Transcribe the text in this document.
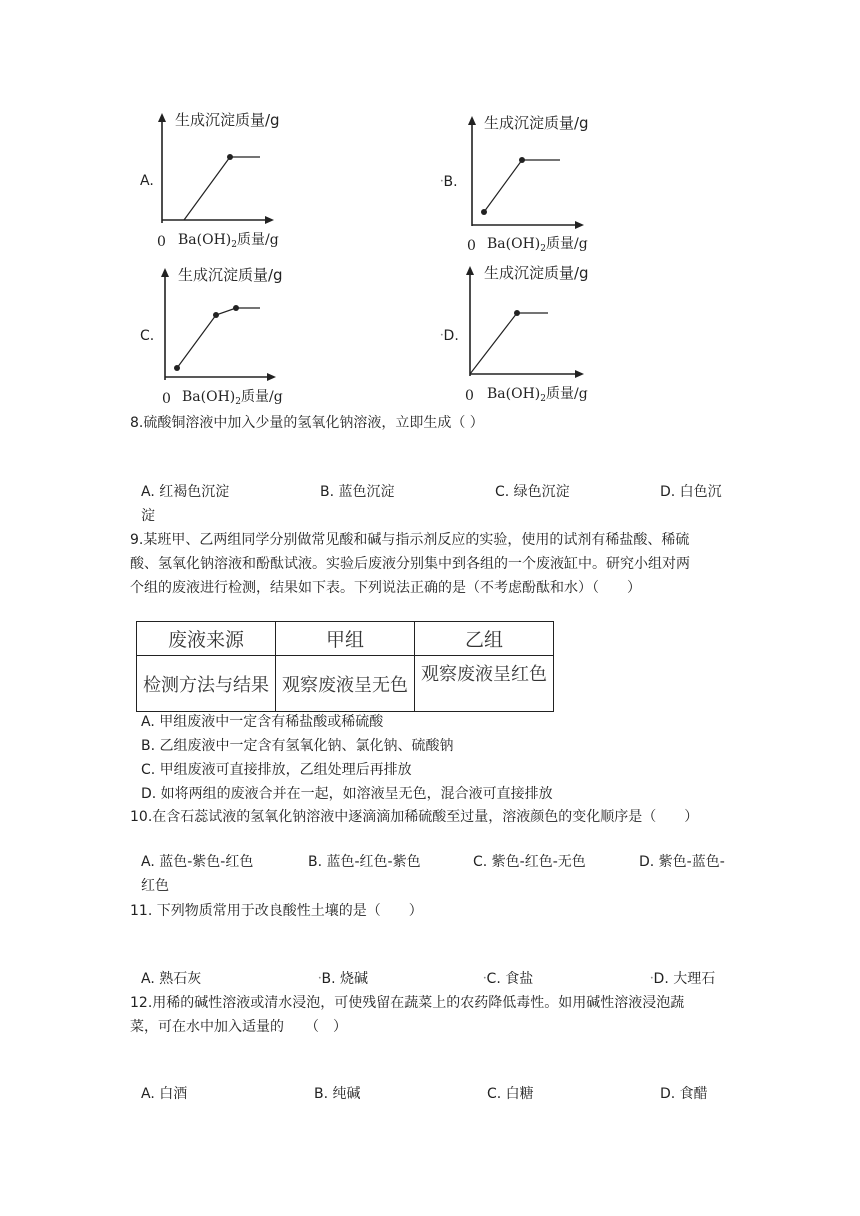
A.
生成沉淀质量/g
0 $Ba(OH)_2$质量/g
•B.
生成沉淀质量/g
0 $Ba(OH)_2$质量/g
C.
生成沉淀质量/g
0 $Ba(OH)_2$质量/g
•D.
生成沉淀质量/g
0 $Ba(OH)_2$质量/g
8.硫酸铜溶液中加入少量的氢氧化钠溶液，立即生成（ ）
A. 红褐色沉淀	B. 蓝色沉淀	C. 绿色沉淀	D. 白色沉
淀
9.某班甲、乙两组同学分别做常见酸和碱与指示剂反应的实验，使用的试剂有稀盐酸、稀硫
酸、氢氧化钠溶液和酚酞试液。实验后废液分别集中到各组的一个废液缸中。研究小组对两
个组的废液进行检测，结果如下表。下列说法正确的是（不考虑酚酞和水）（　　）
废液来源	甲组	乙组
检测方法与结果	观察废液呈无色	观察废液呈红色
A. 甲组废液中一定含有稀盐酸或稀硫酸
B. 乙组废液中一定含有氢氧化钠、氯化钠、硫酸钠
C. 甲组废液可直接排放，乙组处理后再排放
D. 如将两组的废液合并在一起，如溶液呈无色，混合液可直接排放
10.在含石蕊试液的氢氧化钠溶液中逐滴滴加稀硫酸至过量，溶液颜色的变化顺序是（　　）
A. 蓝色-紫色-红色	B. 蓝色-红色-紫色	C. 紫色-红色-无色	D. 紫色-蓝色-
红色
11. 下列物质常用于改良酸性土壤的是（　　）
A. 熟石灰	•B. 烧碱	•C. 食盐	•D. 大理石
12.用稀的碱性溶液或清水浸泡，可使残留在蔬菜上的农药降低毒性。如用碱性溶液浸泡蔬
菜，可在水中加入适量的　　（　）
A. 白酒	B. 纯碱	C. 白糖	D. 食醋
